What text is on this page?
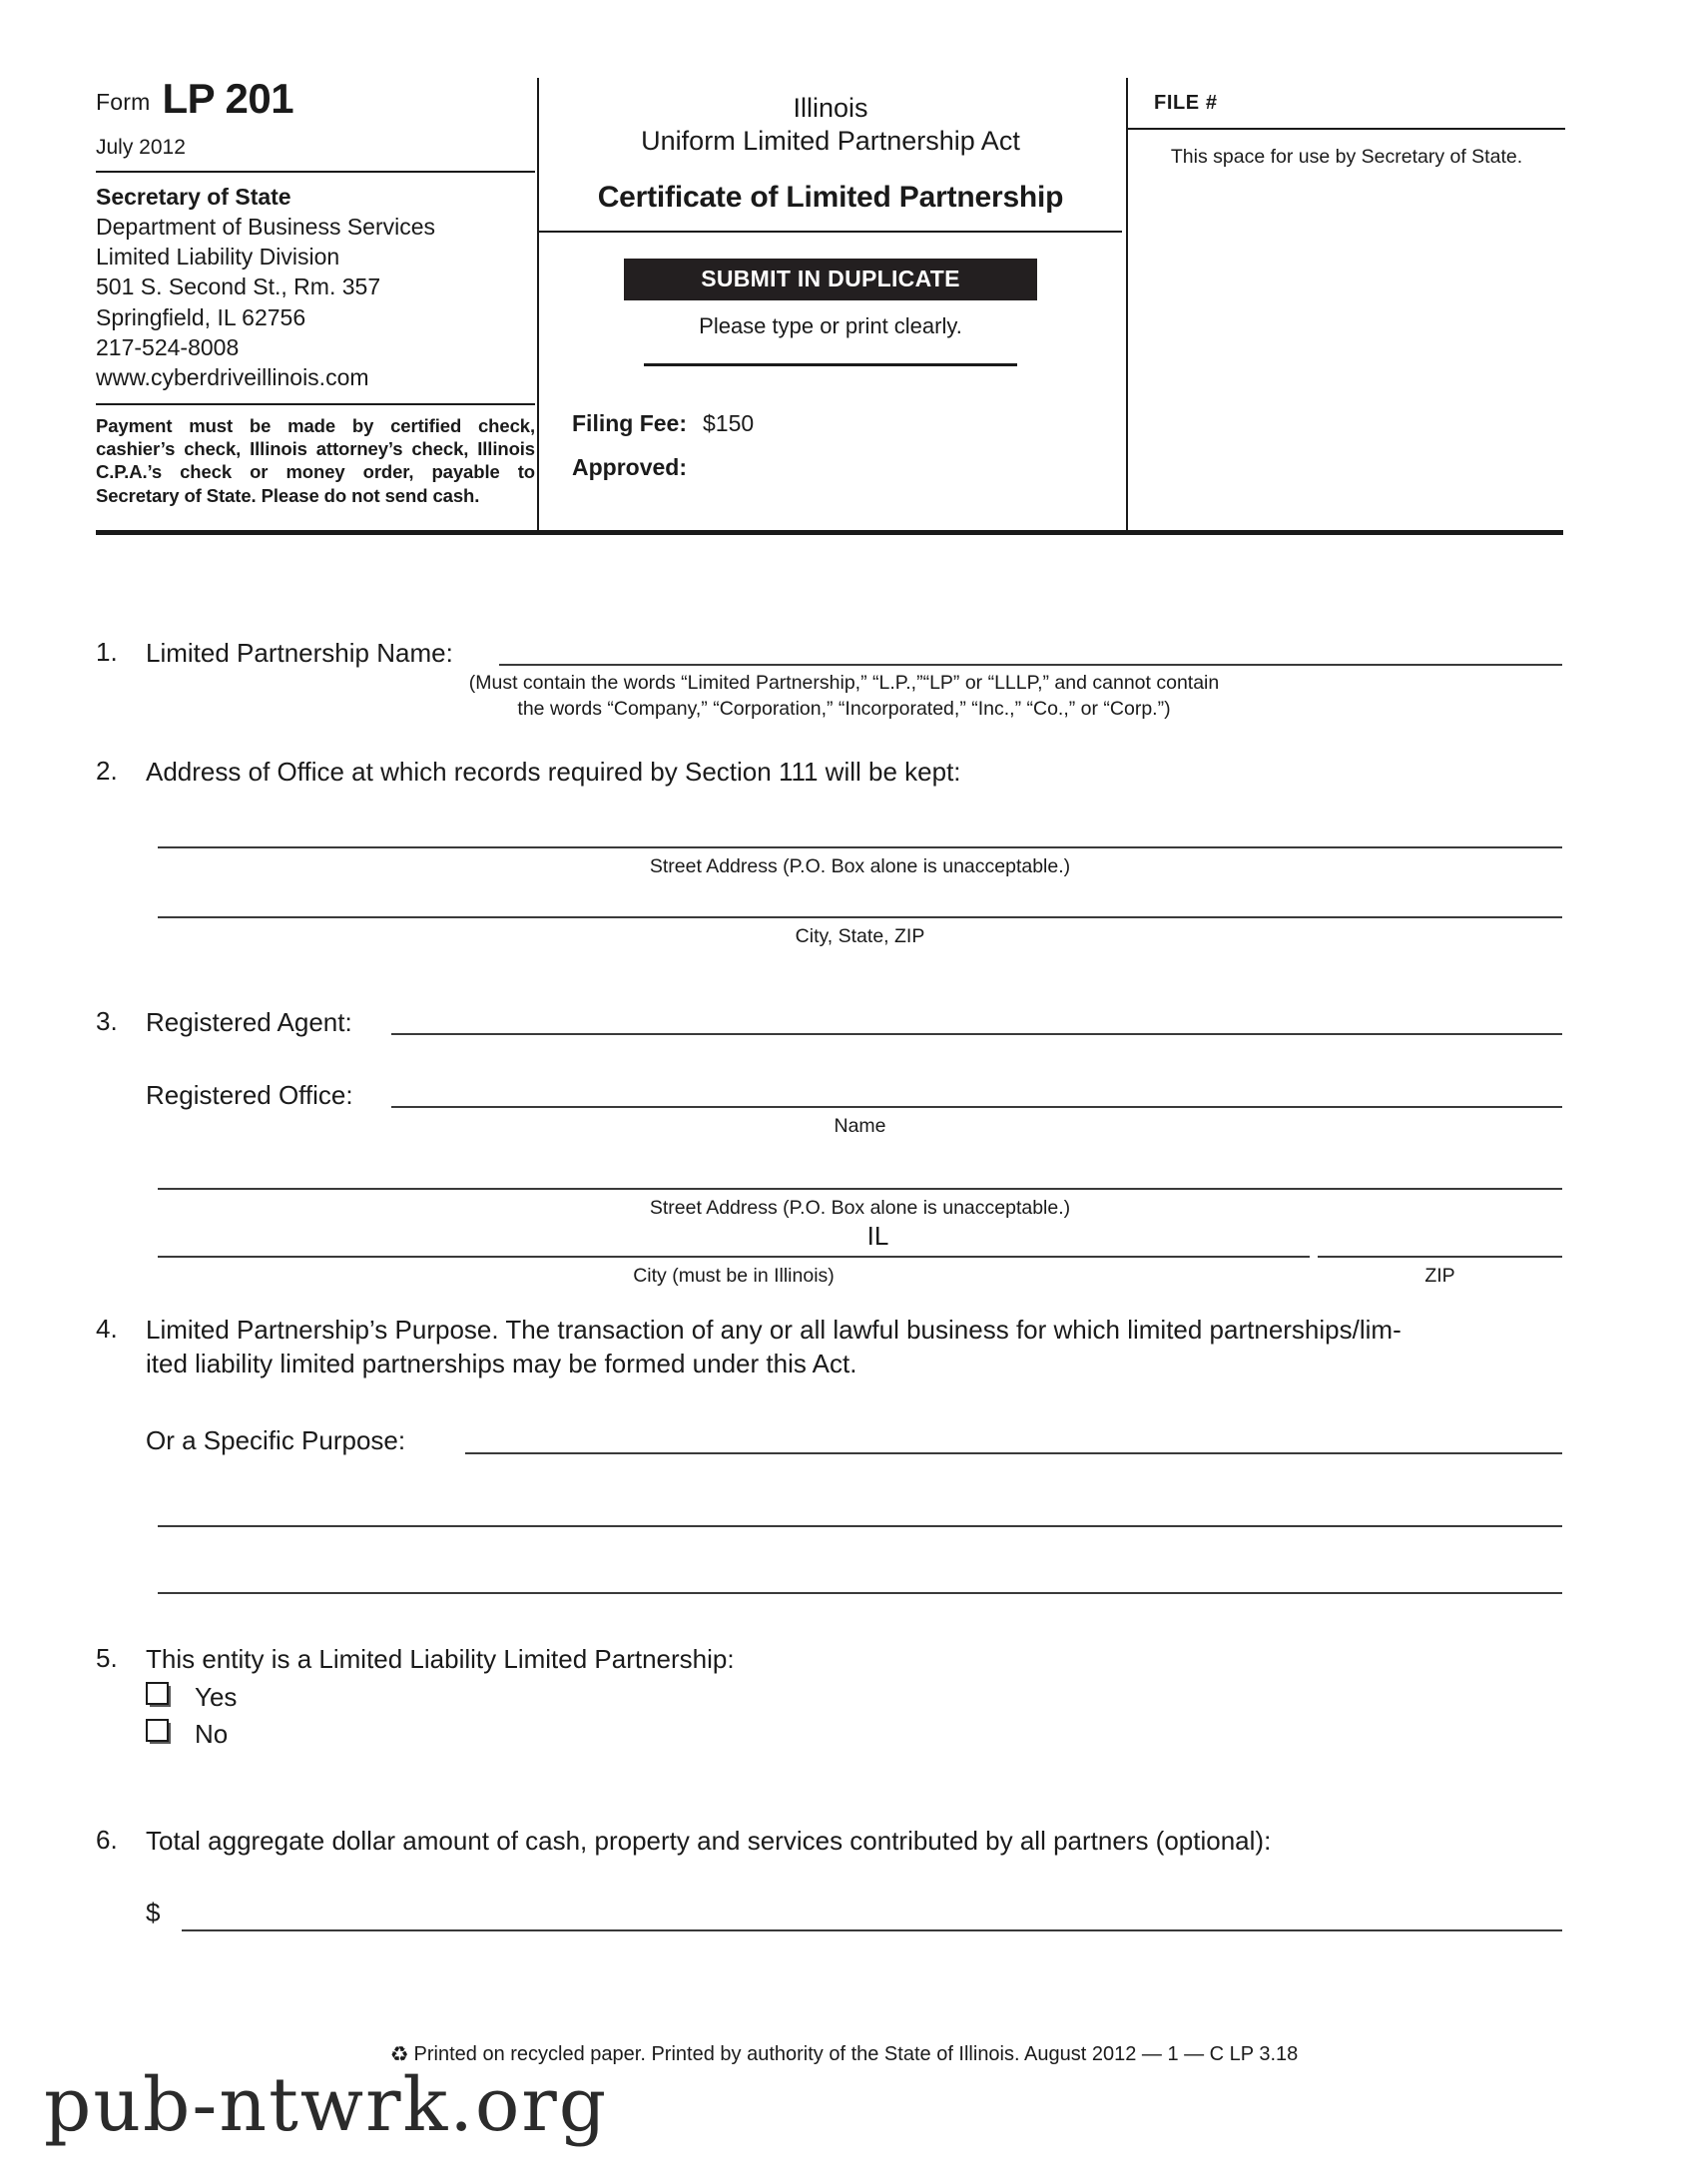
Form LP 201
July 2012
Secretary of State
Department of Business Services
Limited Liability Division
501 S. Second St., Rm. 357
Springfield, IL 62756
217-524-8008
www.cyberdriveillinois.com
Payment must be made by certified check, cashier’s check, Illinois attorney’s check, Illinois C.P.A.’s check or money order, payable to Secretary of State. Please do not send cash.
Illinois
Uniform Limited Partnership Act
Certificate of Limited Partnership
SUBMIT IN DUPLICATE
Please type or print clearly.
Filing Fee: $150
Approved:
FILE #
This space for use by Secretary of State.
1. Limited Partnership Name:
(Must contain the words “Limited Partnership,” “L.P.,”“LP” or “LLLP,” and cannot contain
the words “Company,” “Corporation,” “Incorporated,” “Inc.,” “Co.,” or “Corp.”)
2. Address of Office at which records required by Section 111 will be kept:
Street Address (P.O. Box alone is unacceptable.)
City, State, ZIP
3. Registered Agent:
Registered Office:
Name
Street Address (P.O. Box alone is unacceptable.)
IL
City (must be in Illinois)	ZIP
4. Limited Partnership’s Purpose. The transaction of any or all lawful business for which limited partnerships/lim-
ited liability limited partnerships may be formed under this Act.
Or a Specific Purpose:
5. This entity is a Limited Liability Limited Partnership:
Yes
No
6. Total aggregate dollar amount of cash, property and services contributed by all partners (optional):
$
♻ Printed on recycled paper. Printed by authority of the State of Illinois. August 2012 — 1 — C LP 3.18
pub-ntwrk.org
